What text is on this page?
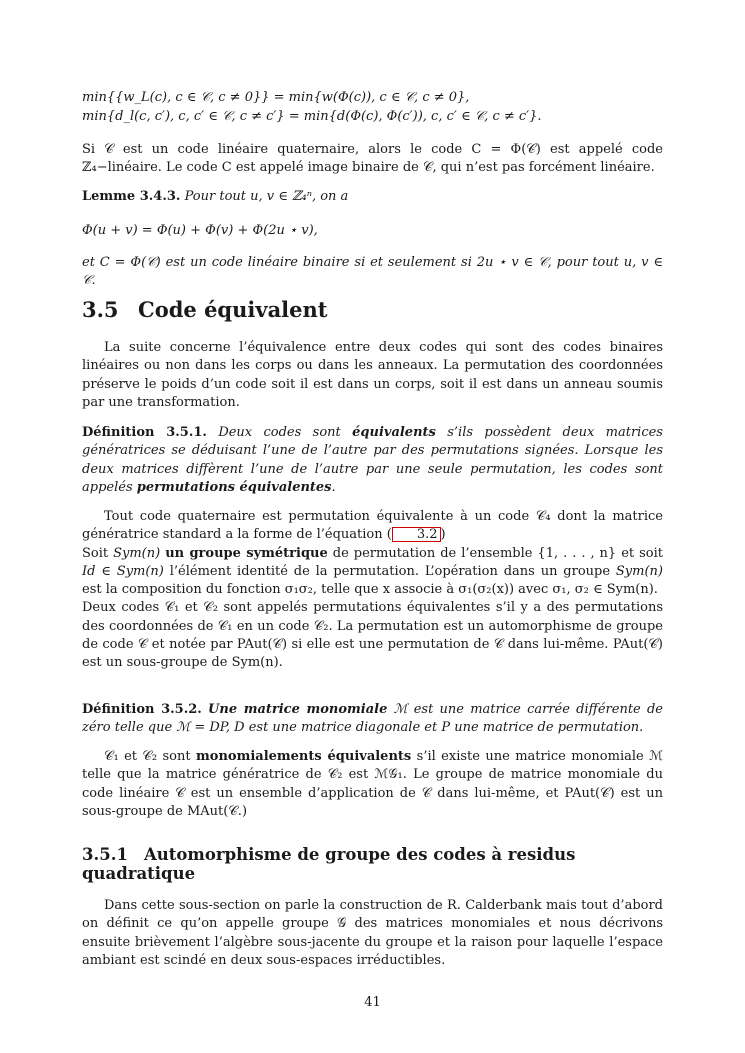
min{{w_L(c), c ∈ 𝒞, c ≠ 0}} = min{w(Φ(c)), c ∈ 𝒞, c ≠ 0},
min{d_l(c, c′), c, c′ ∈ 𝒞, c ≠ c′} = min{d(Φ(c), Φ(c′)), c, c′ ∈ 𝒞, c ≠ c′}.
Si 𝒞 est un code linéaire quaternaire, alors le code C = Φ(𝒞) est appelé code ℤ₄−linéaire. Le code C est appelé image binaire de 𝒞, qui n’est pas forcément linéaire.
Lemme 3.4.3. Pour tout u, v ∈ ℤ₄ⁿ, on a
Φ(u + v) = Φ(u) + Φ(v) + Φ(2u ⋆ v),
et C = Φ(𝒞) est un code linéaire binaire si et seulement si 2u ⋆ v ∈ 𝒞, pour tout u, v ∈ 𝒞.
3.5 Code équivalent
La suite concerne l’équivalence entre deux codes qui sont des codes binaires linéaires ou non dans les corps ou dans les anneaux. La permutation des coordonnées préserve le poids d’un code soit il est dans un corps, soit il est dans un anneau soumis par une transformation.
Définition 3.5.1. Deux codes sont équivalents s’ils possèdent deux matrices génératrices se déduisant l’une de l’autre par des permutations signées. Lorsque les deux matrices diffèrent l’une de l’autre par une seule permutation, les codes sont appelés permutations équivalentes.
Tout code quaternaire est permutation équivalente à un code 𝒞₄ dont la matrice génératrice standard a la forme de l’équation ( 3.2 )
Soit Sym(n) un groupe symétrique de permutation de l’ensemble {1, . . . , n} et soit Id ∈ Sym(n) l’élément identité de la permutation. L’opération dans un groupe Sym(n) est la composition du fonction σ₁σ₂, telle que x associe à σ₁(σ₂(x)) avec σ₁, σ₂ ∈ Sym(n).
Deux codes 𝒞₁ et 𝒞₂ sont appelés permutations équivalentes s’il y a des permutations des coordonnées de 𝒞₁ en un code 𝒞₂. La permutation est un automorphisme de groupe de code 𝒞 et notée par PAut(𝒞) si elle est une permutation de 𝒞 dans lui-même. PAut(𝒞) est un sous-groupe de Sym(n).
Définition 3.5.2. Une matrice monomiale ℳ est une matrice carrée différente de zéro telle que ℳ = DP, D est une matrice diagonale et P une matrice de permutation.
𝒞₁ et 𝒞₂ sont monomialements équivalents s’il existe une matrice monomiale ℳ telle que la matrice génératrice de 𝒞₂ est ℳ𝒢₁. Le groupe de matrice monomiale du code linéaire 𝒞 est un ensemble d’application de 𝒞 dans lui-même, et PAut(𝒞) est un sous-groupe de MAut(𝒞.)
3.5.1 Automorphisme de groupe des codes à residus quadratique
Dans cette sous-section on parle la construction de R. Calderbank mais tout d’abord on définit ce qu’on appelle groupe 𝒢 des matrices monomiales et nous décrivons ensuite brièvement l’algèbre sous-jacente du groupe et la raison pour laquelle l’espace ambiant est scindé en deux sous-espaces irréductibles.
41
